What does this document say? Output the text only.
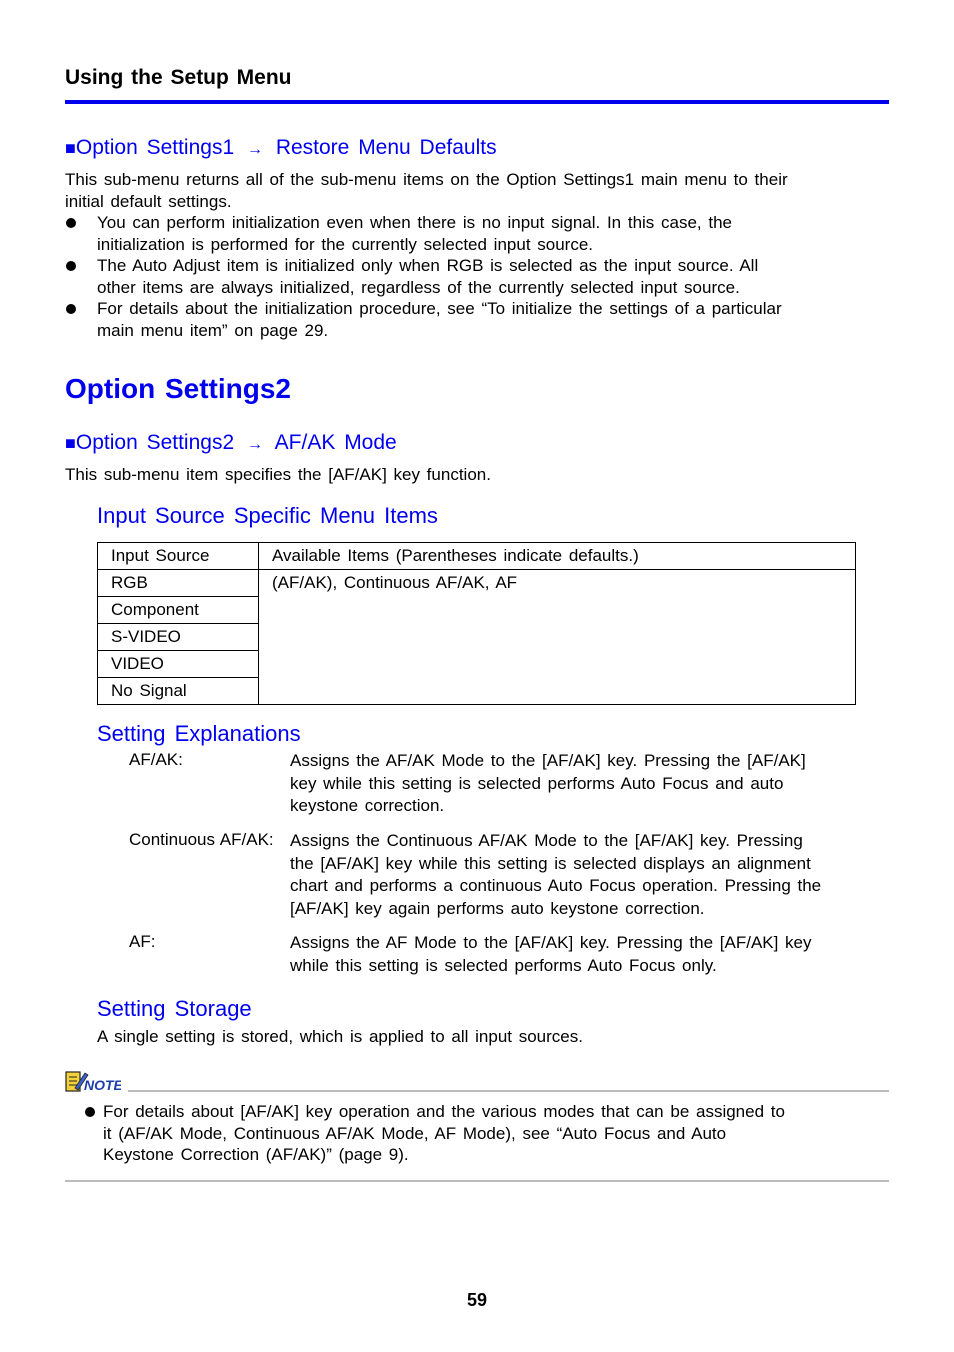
Using the Setup Menu
■Option Settings1 → Restore Menu Defaults
This sub-menu returns all of the sub-menu items on the Option Settings1 main menu to their
initial default settings.
You can perform initialization even when there is no input signal. In this case, the
initialization is performed for the currently selected input source.
The Auto Adjust item is initialized only when RGB is selected as the input source. All
other items are always initialized, regardless of the currently selected input source.
For details about the initialization procedure, see “To initialize the settings of a particular
main menu item” on page 29.
Option Settings2
■Option Settings2 → AF/AK Mode
This sub-menu item specifies the [AF/AK] key function.
Input Source Specific Menu Items
Input Source	Available Items (Parentheses indicate defaults.)
RGB	(AF/AK), Continuous AF/AK, AF
Component	
S-VIDEO	
VIDEO	
No Signal	
Setting Explanations
AF/AK:	Assigns the AF/AK Mode to the [AF/AK] key. Pressing the [AF/AK]
key while this setting is selected performs Auto Focus and auto
keystone correction.
Continuous AF/AK: Assigns the Continuous AF/AK Mode to the [AF/AK] key. Pressing
the [AF/AK] key while this setting is selected displays an alignment
chart and performs a continuous Auto Focus operation. Pressing the
[AF/AK] key again performs auto keystone correction.
AF:	Assigns the AF Mode to the [AF/AK] key. Pressing the [AF/AK] key
while this setting is selected performs Auto Focus only.
Setting Storage
A single setting is stored, which is applied to all input sources.
NOTE
For details about [AF/AK] key operation and the various modes that can be assigned to
it (AF/AK Mode, Continuous AF/AK Mode, AF Mode), see “Auto Focus and Auto
Keystone Correction (AF/AK)” (page 9).
59
